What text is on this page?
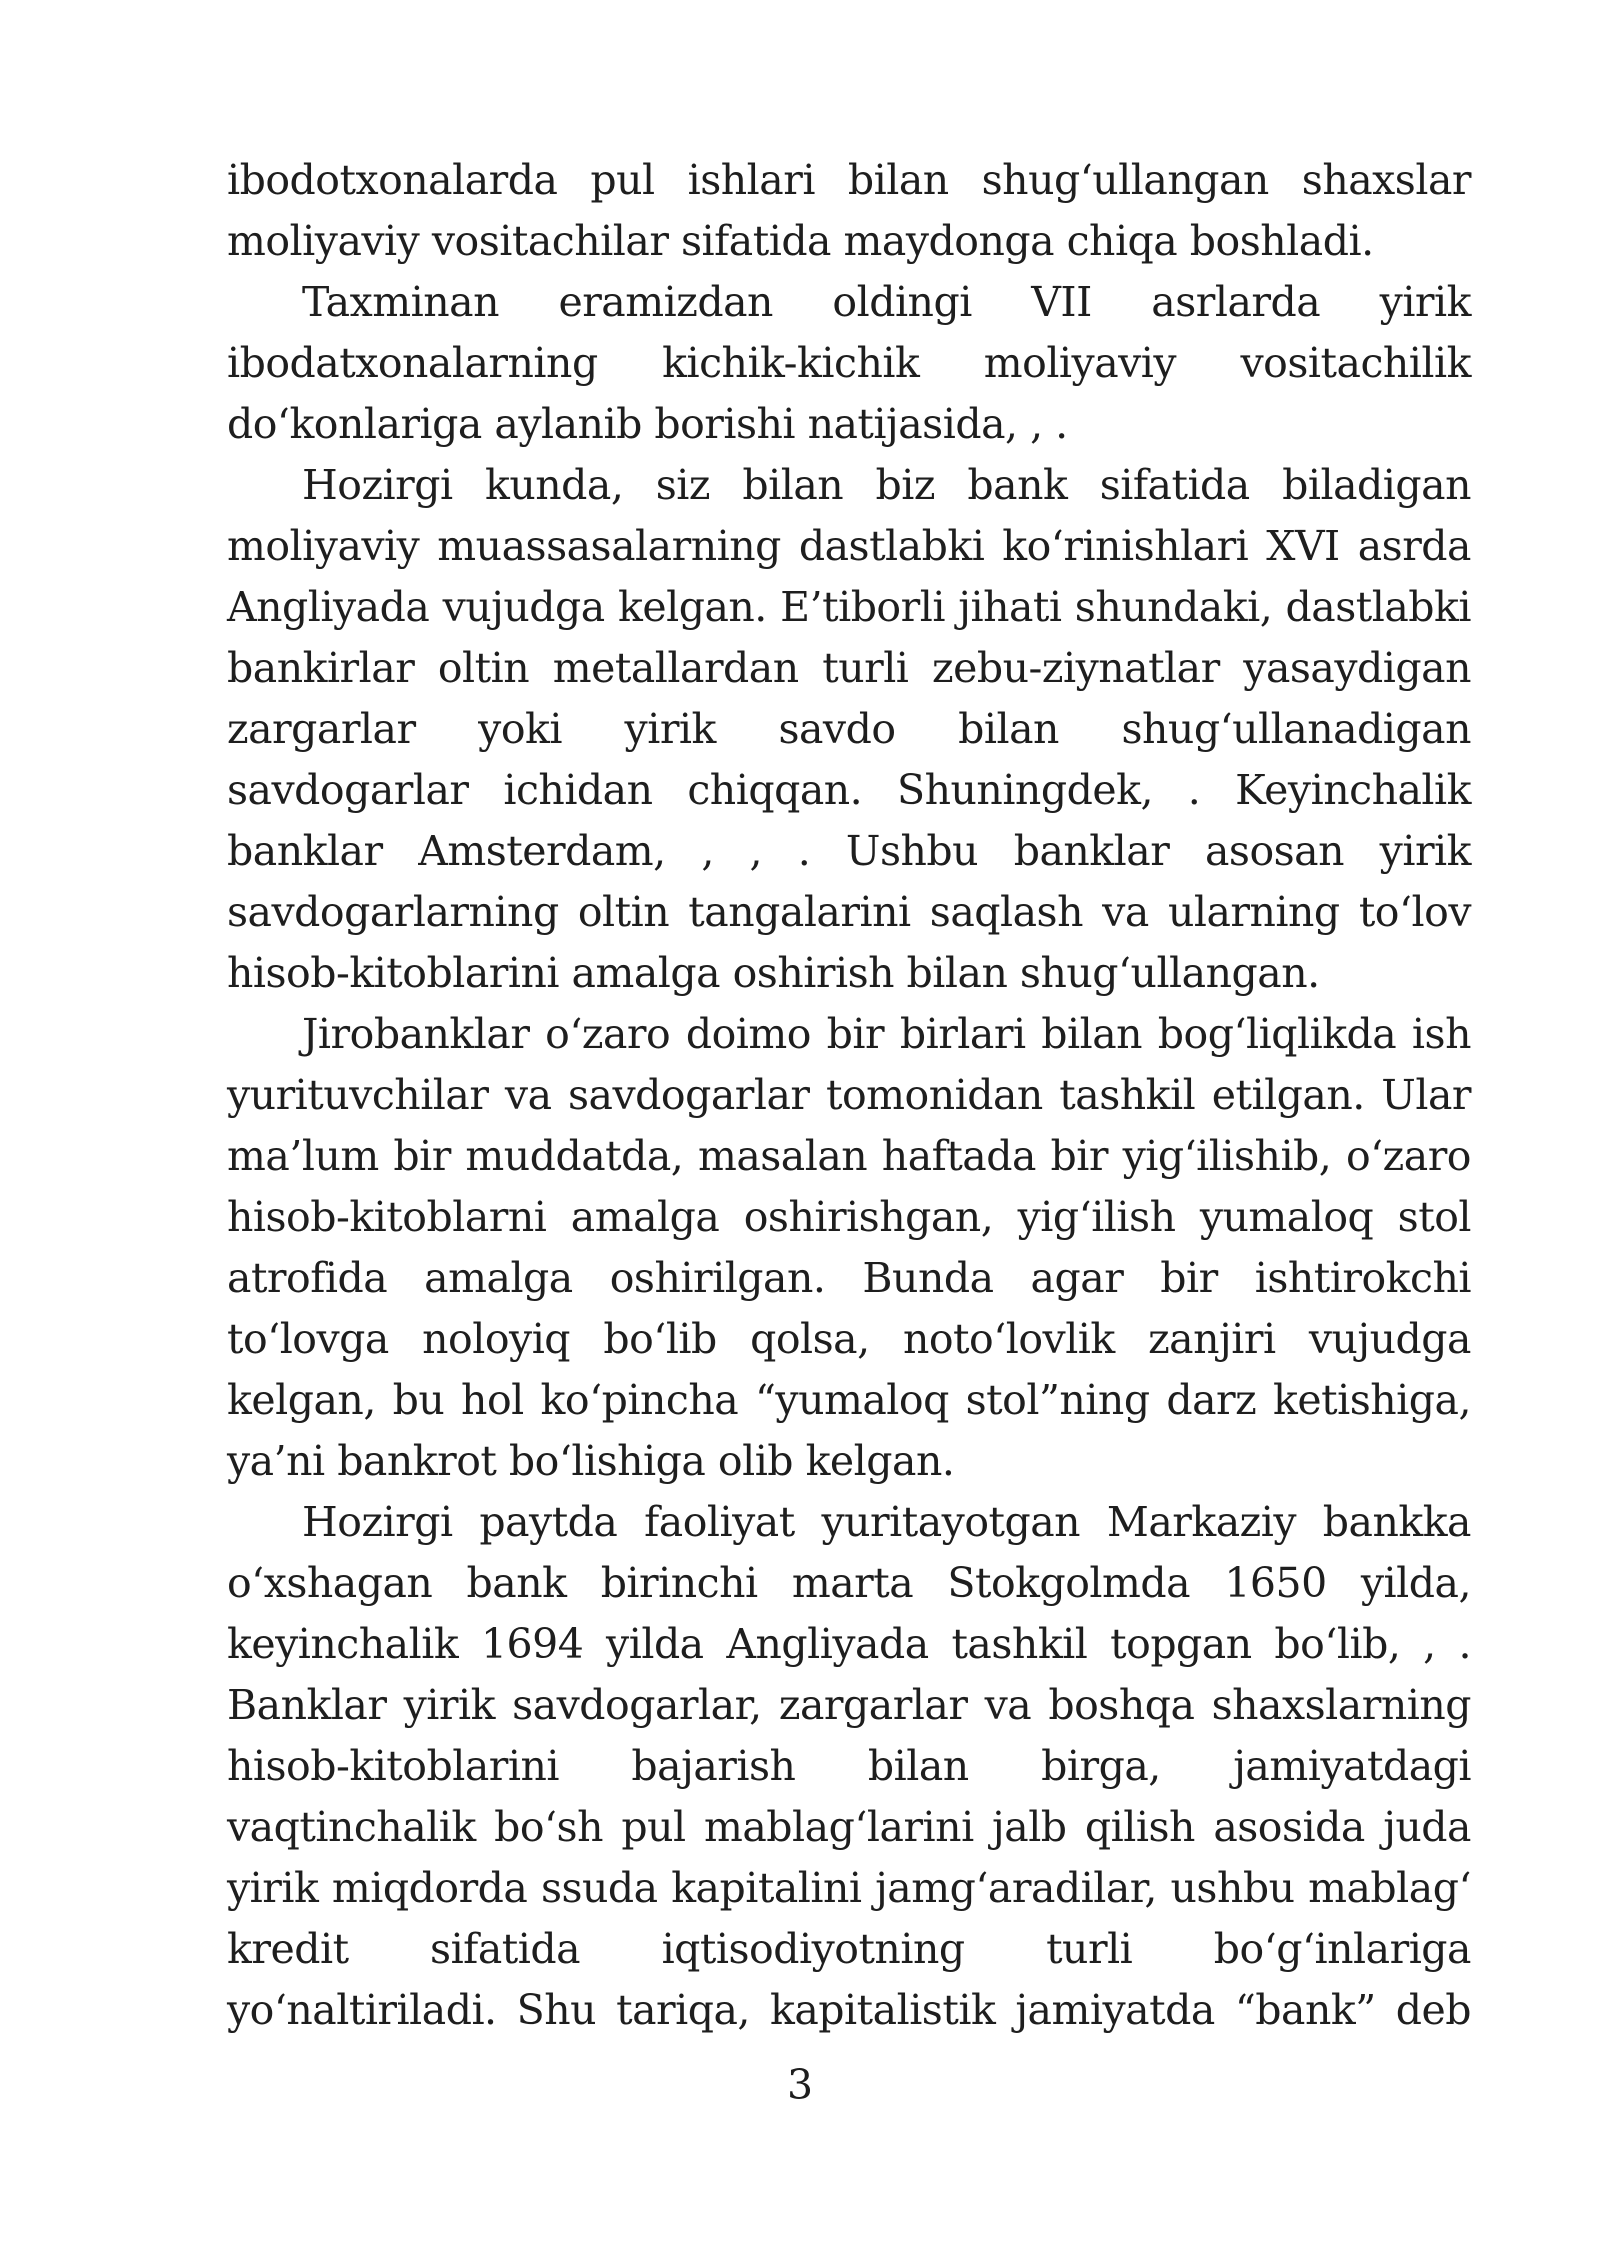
ibodotxonalarda pul ishlari bilan shug‘ullangan shaxslar moliyaviy vositachilar sifatida maydonga chiqa boshladi.

Taxminan eramizdan oldingi VII asrlarda yirik ibodatxonalarning kichik-kichik moliyaviy vositachilik do‘konlariga aylanib borishi natijasida, , .

Hozirgi kunda, siz bilan biz bank sifatida biladigan moliyaviy muassasalarning dastlabki ko‘rinishlari XVI asrda Angliyada vujudga kelgan. E’tiborli jihati shundaki, dastlabki bankirlar oltin metallardan turli zebu-ziynatlar yasaydigan zargarlar yoki yirik savdo bilan shug‘ullanadigan savdogarlar ichidan chiqqan. Shuningdek, . Keyinchalik banklar Amsterdam, , , . Ushbu banklar asosan yirik savdogarlarning oltin tangalarini saqlash va ularning to‘lov hisob-kitoblarini amalga oshirish bilan shug‘ullangan.

Jirobanklar o‘zaro doimo bir birlari bilan bog‘liqlikda ish yurituvchilar va savdogarlar tomonidan tashkil etilgan. Ular ma’lum bir muddatda, masalan haftada bir yig‘ilishib, o‘zaro hisob-kitoblarni amalga oshirishgan, yig‘ilish yumaloq stol atrofida amalga oshirilgan. Bunda agar bir ishtirokchi to‘lovga noloyiq bo‘lib qolsa, noto‘lovlik zanjiri vujudga kelgan, bu hol ko‘pincha “yumaloq stol”ning darz ketishiga, ya’ni bankrot bo‘lishiga olib kelgan.

Hozirgi paytda faoliyat yuritayotgan Markaziy bankka o‘xshagan bank birinchi marta Stokgolmda 1650 yilda, keyinchalik 1694 yilda Angliyada tashkil topgan bo‘lib, , . Banklar yirik savdogarlar, zargarlar va boshqa shaxslarning hisob-kitoblarini bajarish bilan birga, jamiyatdagi vaqtinchalik bo‘sh pul mablag‘larini jalb qilish asosida juda yirik miqdorda ssuda kapitalini jamg‘aradilar, ushbu mablag‘ kredit sifatida iqtisodiyotning turli bo‘g‘inlariga yo‘naltiriladi. Shu tariqa, kapitalistik jamiyatda “bank” deb

3
